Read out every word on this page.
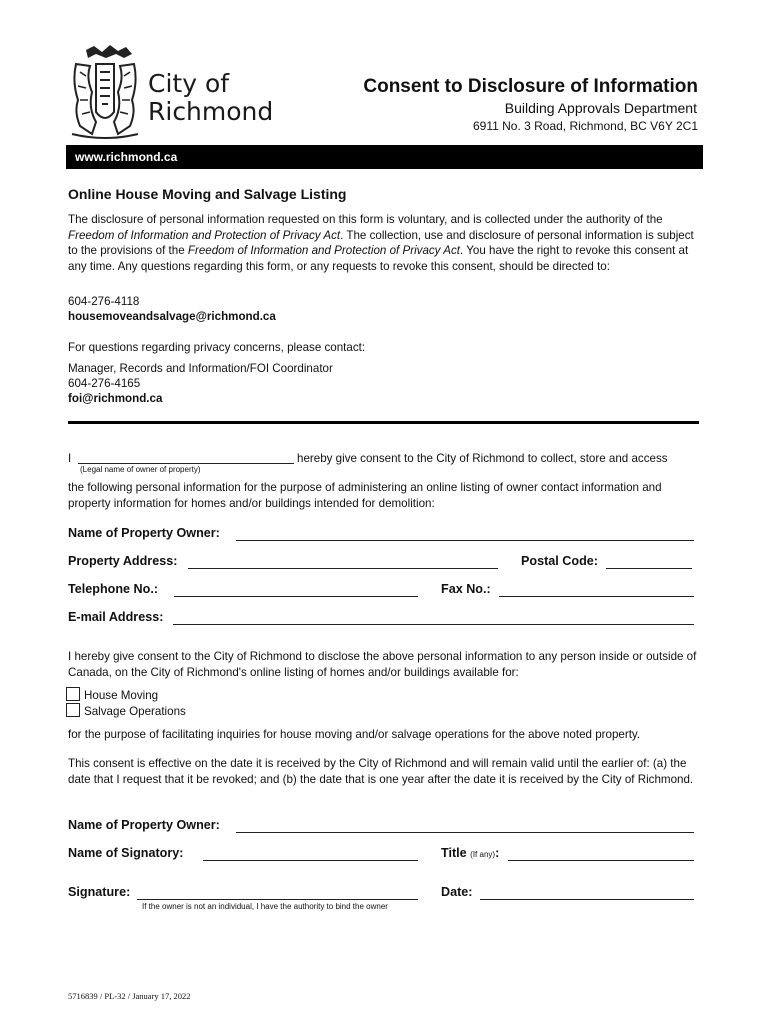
City of
Richmond
Consent to Disclosure of Information
Building Approvals Department
6911 No. 3 Road, Richmond, BC V6Y 2C1
www.richmond.ca
Online House Moving and Salvage Listing
The disclosure of personal information requested on this form is voluntary, and is collected under the authority of the Freedom of Information and Protection of Privacy Act. The collection, use and disclosure of personal information is subject to the provisions of the Freedom of Information and Protection of Privacy Act. You have the right to revoke this consent at any time. Any questions regarding this form, or any requests to revoke this consent, should be directed to:
604-276-4118
housemoveandsalvage@richmond.ca
For questions regarding privacy concerns, please contact:
Manager, Records and Information/FOI Coordinator
604-276-4165
foi@richmond.ca
I	hereby give consent to the City of Richmond to collect, store and access
(Legal name of owner of property)
the following personal information for the purpose of administering an online listing of owner contact information and property information for homes and/or buildings intended for demolition:
Name of Property Owner:
Property Address:	Postal Code:
Telephone No.:	Fax No.:
E-mail Address:
I hereby give consent to the City of Richmond to disclose the above personal information to any person inside or outside of Canada, on the City of Richmond's online listing of homes and/or buildings available for:
House Moving
Salvage Operations
for the purpose of facilitating inquiries for house moving and/or salvage operations for the above noted property.
This consent is effective on the date it is received by the City of Richmond and will remain valid until the earlier of: (a) the date that I request that it be revoked; and (b) the date that is one year after the date it is received by the City of Richmond.
Name of Property Owner:
Name of Signatory:	Title (If any):
Signature:	Date:
If the owner is not an individual, I have the authority to bind the owner
5716839 / PL-32 / January 17, 2022
